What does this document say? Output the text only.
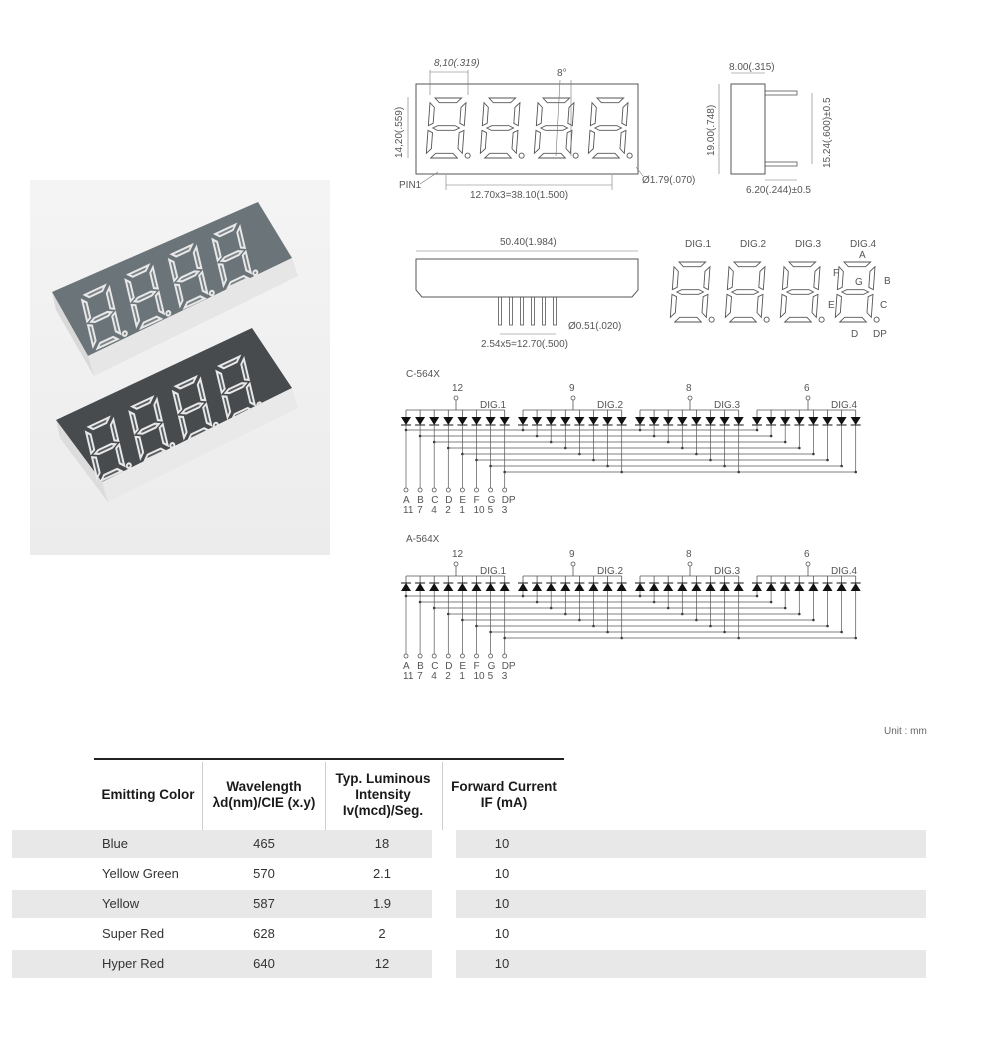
8,10(.319)
8°
14,20(.559)
PIN1
12.70x3=38.10(1.500)
Ø1.79(.070)
8.00(.315)
19.00(.748)	15.24(.600)±0.5
6.20(.244)±0.5
50.40(1.984)
Ø0.51(.020)
2.54x5=12.70(.500)
DIG.1	DIG.2	DIG.3	DIG.4
A
B
C
D
E
F
G
DP
C-564X
12
DIG.1
9
DIG.2
8
DIG.3
6
DIG.4
A
11
B
7
C
4
D
2
E
1
F
10
G
5
DP
3
A-564X
12
DIG.1
9
DIG.2
8
DIG.3
6
DIG.4
A
11
B
7
C
4
D
2
E
1
F
10
G
5
DP
3
Unit : mm
Emitting Color
Wavelength
λd(nm)/CIE (x.y)
Typ. Luminous
Intensity
Iv(mcd)/Seg.
Forward Current
IF (mA)
Blue	465	18	10
Yellow Green	570	2.1	10
Yellow	587	1.9	10
Super Red	628	2	10
Hyper Red	640	12	10
